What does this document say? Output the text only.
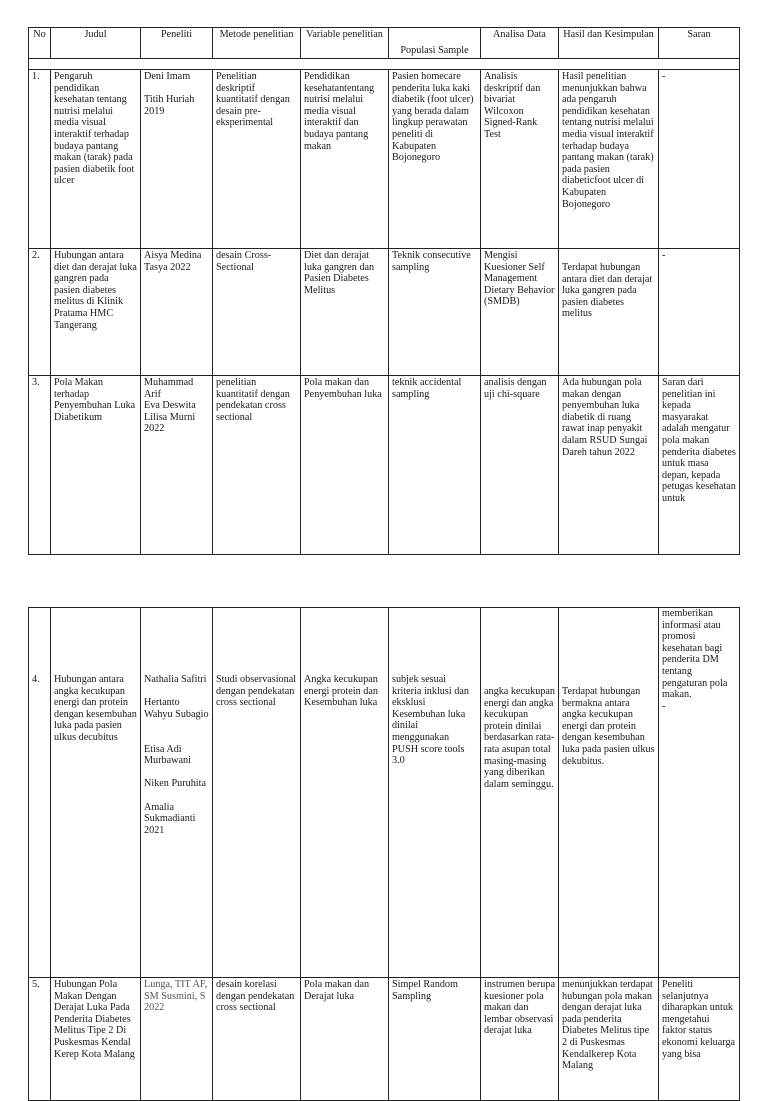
No	Judul	Peneliti	Metode penelitian	Variable penelitian	Populasi Sample	Analisa Data	Hasil dan Kesimpulan	Saran

1.	Pengaruh pendidikan kesehatan tentang nutrisi melalui media visual interaktif terhadap budaya pantang makan (tarak) pada pasien diabetik foot ulcer	Deni Imam

Titih Huriah 2019	Penelitian deskriptif kuantitatif dengan desain pre-eksperimental	Pendidikan kesehatantentang nutrisi melalui media visual interaktif dan budaya pantang makan	Pasien homecare penderita luka kaki diabetik (foot ulcer) yang berada dalam lingkup perawatan peneliti di Kabupaten Bojonegoro	Analisis deskriptif dan bivariat Wilcoxon Signed-Rank Test	Hasil penelitian menunjukkan bahwa ada pengaruh pendidikan kesehatan tentang nutrisi melalui media visual interaktif terhadap budaya pantang makan (tarak) pada pasien diabeticfoot ulcer di Kabupaten Bojonegoro	-
2.	Hubungan antara diet dan derajat luka gangren pada pasien diabetes melitus di Klinik Pratama HMC Tangerang	Aisya Medina Tasya 2022	desain Cross-Sectional	Diet dan derajat luka gangren dan Pasien Diabetes Melitus	Teknik consecutive sampling	Mengisi Kuesioner Self Management Dietary Behavior (SMDB)	Terdapat hubungan antara diet dan derajat luka gangren pada pasien diabetes melitus	-
3.	Pola Makan terhadap Penyembuhan Luka Diabetikum	Muhammad Arif
Eva Deswita Lilisa Murni 2022	penelitian kuantitatif dengan pendekatan cross sectional	Pola makan dan Penyembuhan luka	teknik accidental sampling	analisis dengan uji chi-square	Ada hubungan pola makan dengan penyembuhan luka diabetik di ruang rawat inap penyakit dalam RSUD Sungai Dareh tahun 2022	Saran dari penelitian ini kepada masyarakat adalah mengatur pola makan penderita diabetes untuk masa depan, kepada petugas kesehatan untuk
4.	Hubungan antara angka kecukupan energi dan protein dengan kesembuhan luka pada pasien ulkus decubitus	Nathalia Safitri

Hertanto Wahyu Subagio

Etisa Adi Murbawani

Niken Puruhita

Amalia Sukmadianti 2021	Studi observasional dengan pendekatan cross sectional	Angka kecukupan energi protein dan Kesembuhan luka	subjek sesuai kriteria inklusi dan eksklusi Kesembuhan luka dinilai menggunakan PUSH score tools 3.0	angka kecukupan energi dan angka kecukupan protein dinilai berdasarkan rata-rata asupan total masing-masing yang diberikan dalam seminggu.	Terdapat hubungan bermakna antara angka kecukupan energi dan protein dengan kesembuhan luka pada pasien ulkus dekubitus.	memberikan informasi atau promosi kesehatan bagi penderita DM tentang pengaturan pola makan.
-
5.	Hubungan Pola Makan Dengan Derajat Luka Pada Penderita Diabetes Melitus Tipe 2 Di Puskesmas Kendal Kerep Kota Malang	Lunga, TIT AF, SM Susmini, S 2022	desain korelasi dengan pendekatan cross sectional	Pola makan dan Derajat luka	Simpel Random Sampling	instrumen berupa kuesioner pola makan dan lembar observasi derajat luka	menunjukkan terdapat hubungan pola makan dengan derajat luka pada penderita Diabetes Melitus tipe 2 di Puskesmas Kendalkerep Kota Malang	Peneliti selanjutnya diharapkan untuk mengetahui faktor status ekonomi keluarga yang bisa
